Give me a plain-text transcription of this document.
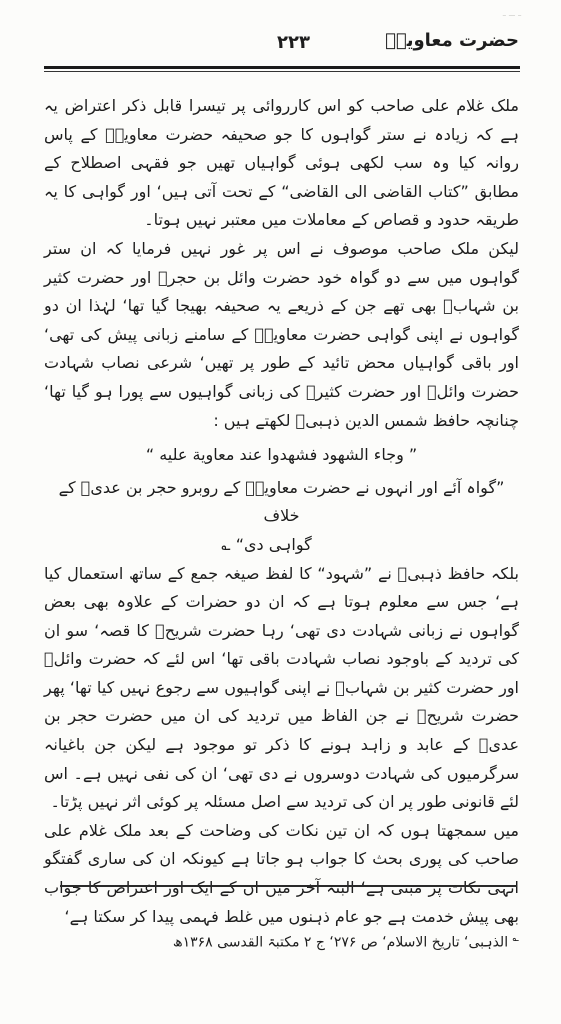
ـ ــ ـ
۲۲۳	حضرت معاویہؓ

ملک غلام علی صاحب کو اس کارروائی پر تیسرا قابل ذکر اعتراض یہ ہے کہ زیادہ نے ستر گواہوں کا جو صحیفہ حضرت معاویہؓ کے پاس روانہ کیا وہ سب لکھی ہوئی گواہیاں تھیں جو فقہی اصطلاح کے مطابق ”کتاب القاضی الی القاضی“ کے تحت آتی ہیں‘ اور گواہی کا یہ طریقہ حدود و قصاص کے معاملات میں معتبر نہیں ہوتا۔

لیکن ملک صاحب موصوف نے اس پر غور نہیں فرمایا کہ ان ستر گواہوں میں سے دو گواہ خود حضرت وائل بن حجرؓ اور حضرت کثیر بن شہابؓ بھی تھے جن کے ذریعے یہ صحیفہ بھیجا گیا تھا‘ لہٰذا ان دو گواہوں نے اپنی گواہی حضرت معاویہؓ کے سامنے زبانی پیش کی تھی‘ اور باقی گواہیاں محض تائید کے طور پر تھیں‘ شرعی نصاب شہادت حضرت وائلؓ اور حضرت کثیرؓ کی زبانی گواہیوں سے پورا ہو گیا تھا‘ چنانچہ حافظ شمس الدین ذہبیؒ لکھتے ہیں :

” وجاء الشهود فشهدوا عند معاوية عليه “

”گواہ آئے اور انہوں نے حضرت معاویہؓ کے روبرو حجر بن عدیؓ کے خلاف

گواہی دی“ ؎

بلکہ حافظ ذہبیؒ نے ”شہود“ کا لفظ صیغہ جمع کے ساتھ استعمال کیا ہے‘ جس سے معلوم ہوتا ہے کہ ان دو حضرات کے علاوہ بھی بعض گواہوں نے زبانی شہادت دی تھی‘ رہا حضرت شریحؒ کا قصہ‘ سو ان کی تردید کے باوجود نصاب شہادت باقی تھا‘ اس لئے کہ حضرت وائلؓ اور حضرت کثیر بن شہابؓ نے اپنی گواہیوں سے رجوع نہیں کیا تھا‘ پھر حضرت شریحؒ نے جن الفاظ میں تردید کی ان میں حضرت حجر بن عدیؓ کے عابد و زاہد ہونے کا ذکر تو موجود ہے لیکن جن باغیانہ سرگرمیوں کی شہادت دوسروں نے دی تھی‘ ان کی نفی نہیں ہے۔ اس لئے قانونی طور پر ان کی تردید سے اصل مسئلہ پر کوئی اثر نہیں پڑتا۔

میں سمجھتا ہوں کہ ان تین نکات کی وضاحت کے بعد ملک غلام علی صاحب کی پوری بحث کا جواب ہو جاتا ہے کیونکہ ان کی ساری گفتگو انہی نکات پر مبنی ہے‘ البتہ آخر میں ان کے ایک اور اعتراض کا جواب بھی پیش خدمت ہے جو عام ذہنوں میں غلط فہمی پیدا کر سکتا ہے‘

؎ الذہبی‘ تاریخ الاسلام‘ ص ۲۷۶‘ ج ۲ مکتبۃ القدسی ۱۳۶۸ھ
